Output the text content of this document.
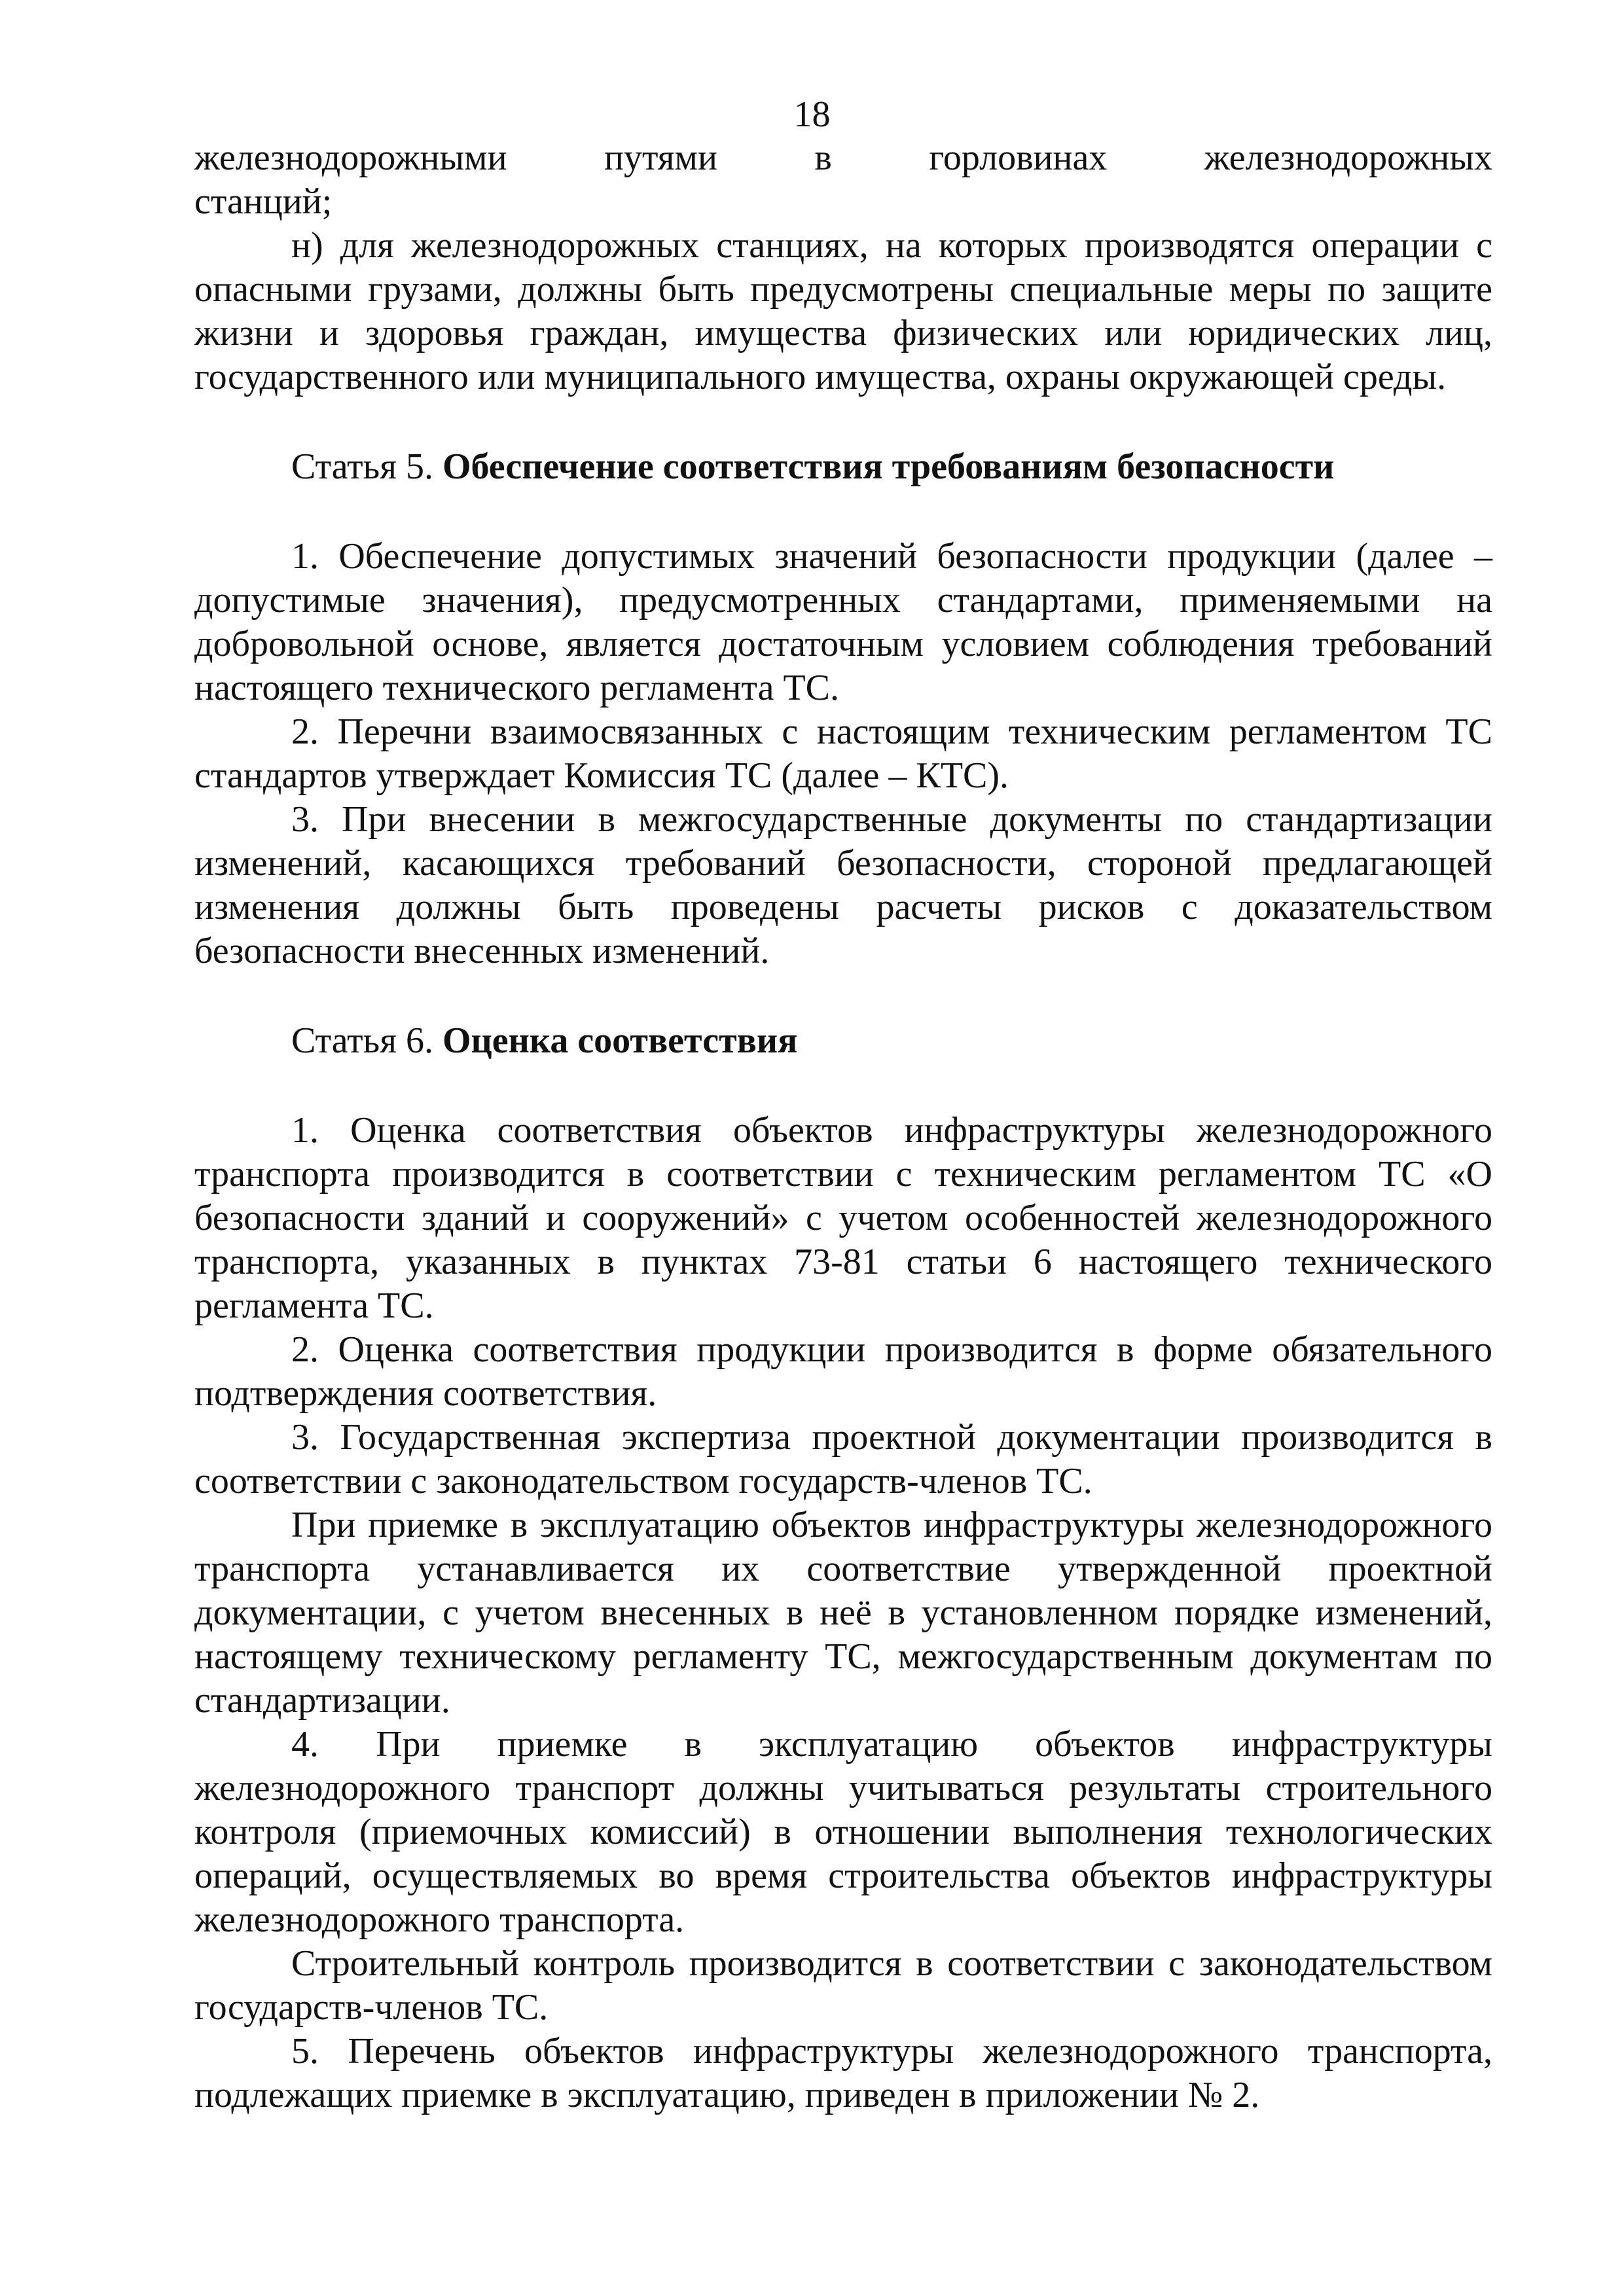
18

железнодорожными путями в горловинах железнодорожных

станций;

н) для железнодорожных станциях, на которых производятся операции с опасными грузами, должны быть предусмотрены специальные меры по защите жизни и здоровья граждан, имущества физических или юридических лиц, государственного или муниципального имущества, охраны окружающей среды.

Статья 5. Обеспечение соответствия требованиям безопасности

1. Обеспечение допустимых значений безопасности продукции (далее – допустимые значения), предусмотренных стандартами, применяемыми на добровольной основе, является достаточным условием соблюдения требований настоящего технического регламента ТС.

2. Перечни взаимосвязанных с настоящим техническим регламентом ТС стандартов утверждает Комиссия ТС (далее – КТС).

3. При внесении в межгосударственные документы по стандартизации изменений, касающихся требований безопасности, стороной предлагающей изменения должны быть проведены расчеты рисков с доказательством безопасности внесенных изменений.

Статья 6. Оценка соответствия

1. Оценка соответствия объектов инфраструктуры железнодорожного транспорта производится в соответствии с техническим регламентом ТС «О безопасности зданий и сооружений» с учетом особенностей железнодорожного транспорта, указанных в пунктах 73-81 статьи 6 настоящего технического регламента ТС.

2. Оценка соответствия продукции производится в форме обязательного подтверждения соответствия.

3. Государственная экспертиза проектной документации производится в соответствии с законодательством государств-членов ТС.

При приемке в эксплуатацию объектов инфраструктуры железнодорожного транспорта устанавливается их соответствие утвержденной проектной документации, с учетом внесенных в неё в установленном порядке изменений, настоящему техническому регламенту ТС, межгосударственным документам по стандартизации.

4. При приемке в эксплуатацию объектов инфраструктуры железнодорожного транспорт должны учитываться результаты строительного контроля (приемочных комиссий) в отношении выполнения технологических операций, осуществляемых во время строительства объектов инфраструктуры железнодорожного транспорта.

Строительный контроль производится в соответствии с законодательством государств-членов ТС.

5. Перечень объектов инфраструктуры железнодорожного транспорта, подлежащих приемке в эксплуатацию, приведен в приложении № 2.
